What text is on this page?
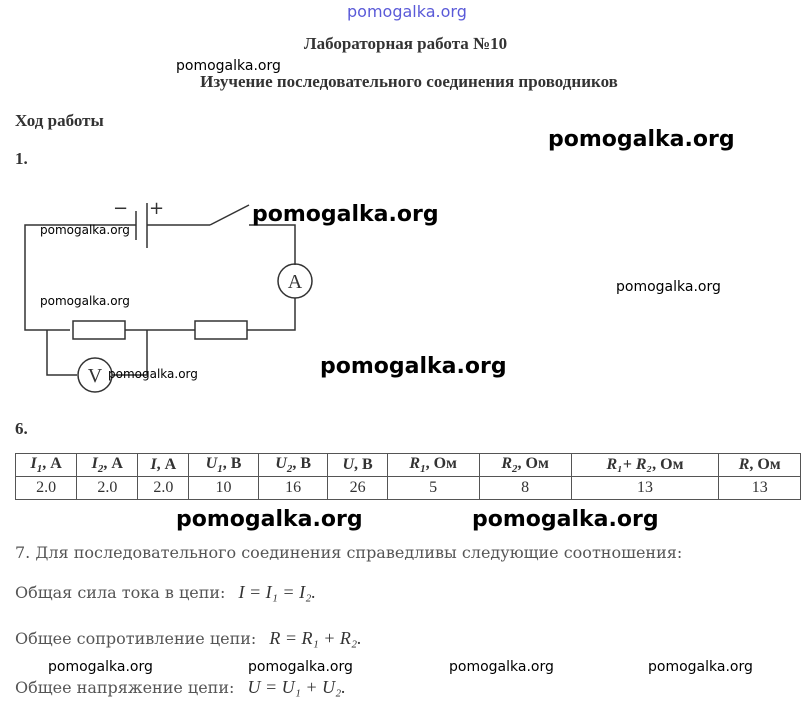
pomogalka.org
Лабораторная работа №10
Изучение последовательного соединения проводников
pomogalka.org
Ход работы
1.
pomogalka.org
− +
A
V
pomogalka.org
pomogalka.org
pomogalka.org
pomogalka.org
pomogalka.org	pomogalka.org
6.
$I_1$, А	$I_2$, А	I, А	$U_1$, В	$U_2$, В	U, В	$R_1$, Ом	$R_2$, Ом	R₁+ R₂, Ом	R, Ом
2.0	2.0	2.0	10	16	26	5	8	13	13
pomogalka.org	pomogalka.org
7. Для последовательного соединения справедливы следующие соотношения:
Общая сила тока в цепи: I = I₁ = I₂.
Общее сопротивление цепи: R = R₁ + R₂.
pomogalka.org	pomogalka.org	pomogalka.org	pomogalka.org
Общее напряжение цепи: U = U₁ + U₂.
